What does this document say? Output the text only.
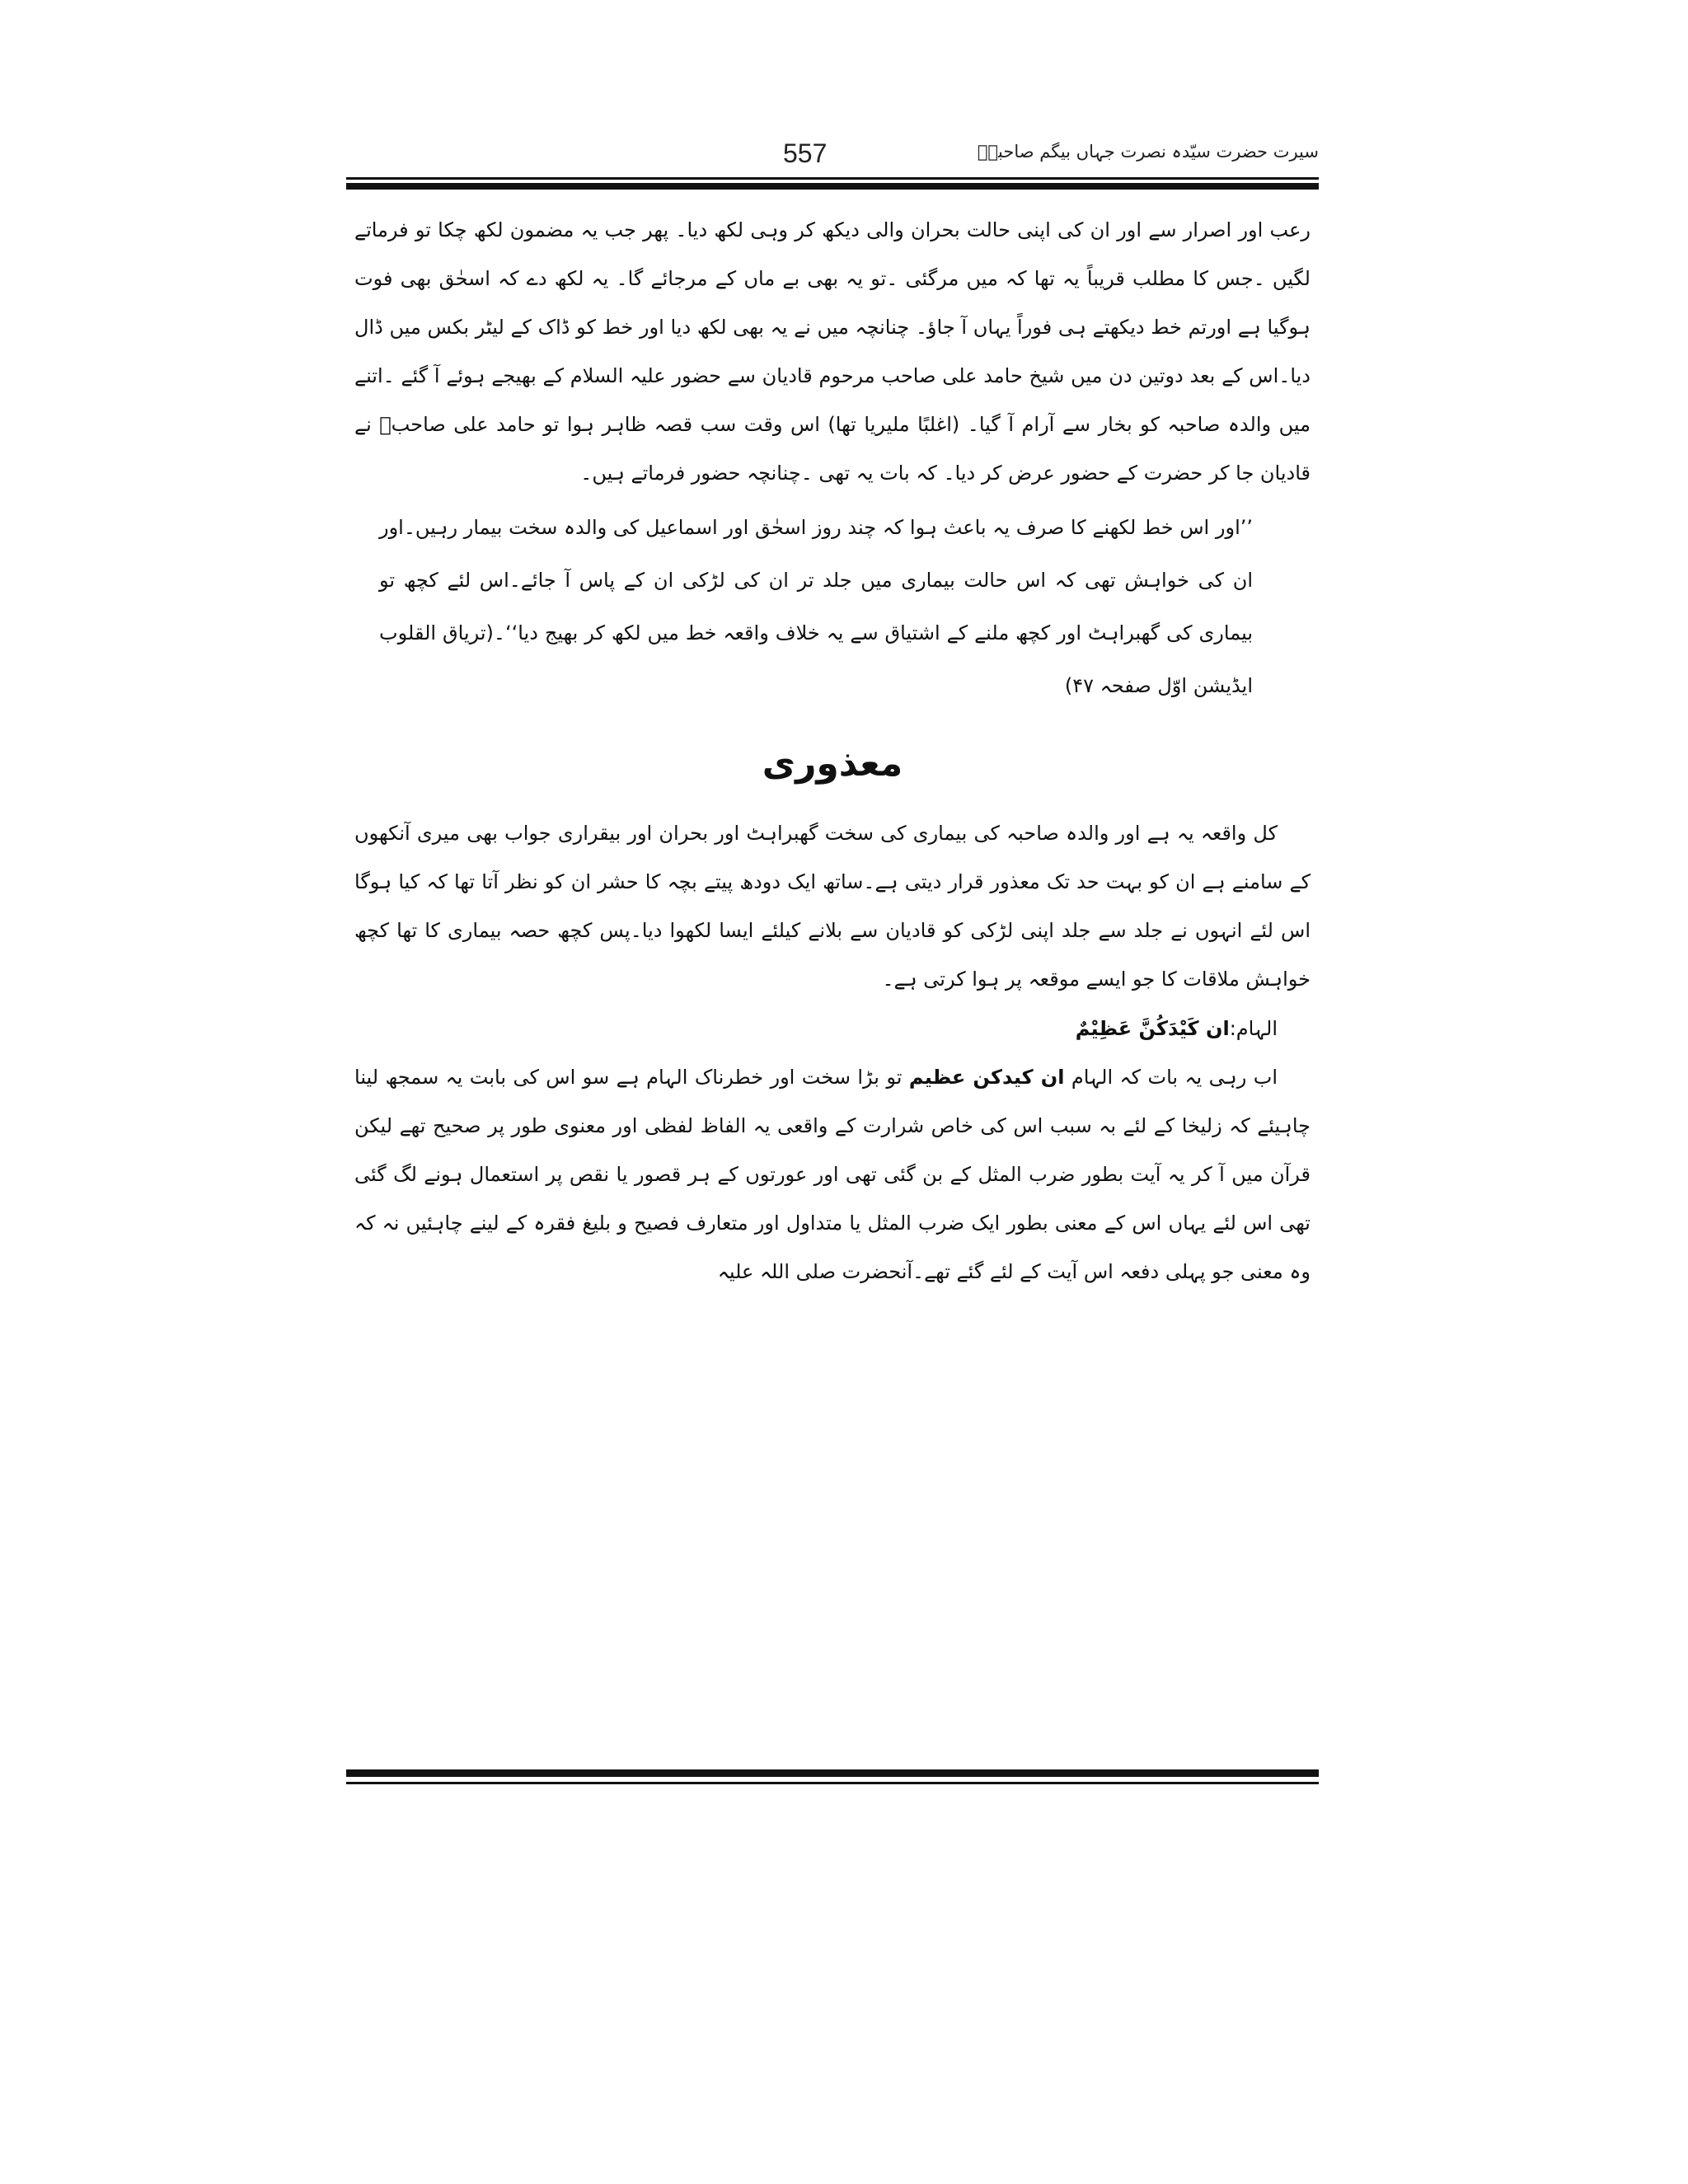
557	سیرت حضرت سیّدہ نصرت جہاں بیگم صاحبہؓ

رعب اور اصرار سے اور ان کی اپنی حالت بحران والی دیکھ کر وہی لکھ دیا۔ پھر جب یہ مضمون لکھ چکا تو فرماتے لگیں ۔جس کا مطلب قریباً یہ تھا کہ میں مرگئی ۔تو یہ بھی بے ماں کے مرجائے گا۔ یہ لکھ دے کہ اسحٰق بھی فوت ہوگیا ہے اورتم خط دیکھتے ہی فوراً یہاں آ جاؤ۔ چنانچہ میں نے یہ بھی لکھ دیا اور خط کو ڈاک کے لیٹر بکس میں ڈال دیا۔اس کے بعد دوتین دن میں شیخ حامد علی صاحب مرحوم قادیان سے حضور علیہ السلام کے بھیجے ہوئے آ گئے ۔اتنے میں والدہ صاحبہ کو بخار سے آرام آ گیا۔ (اغلبًا ملیریا تھا) اس وقت سب قصہ ظاہر ہوا تو حامد علی صاحبؓ نے قادیان جا کر حضرت کے حضور عرض کر دیا۔ کہ بات یہ تھی ۔چنانچہ حضور فرماتے ہیں۔

’’اور اس خط لکھنے کا صرف یہ باعث ہوا کہ چند روز اسحٰق اور اسماعیل کی والدہ سخت بیمار رہیں۔اور ان کی خواہش تھی کہ اس حالت بیماری میں جلد تر ان کی لڑکی ان کے پاس آ جائے۔اس لئے کچھ تو بیماری کی گھبراہٹ اور کچھ ملنے کے اشتیاق سے یہ خلاف واقعہ خط میں لکھ کر بھیج دیا‘‘۔(تریاق القلوب ایڈیشن اوّل صفحہ ۴۷)

معذوری

کل واقعہ یہ ہے اور والدہ صاحبہ کی بیماری کی سخت گھبراہٹ اور بحران اور بیقراری جواب بھی میری آنکھوں کے سامنے ہے ان کو بہت حد تک معذور قرار دیتی ہے۔ساتھ ایک دودھ پیتے بچہ کا حشر ان کو نظر آتا تھا کہ کیا ہوگا اس لئے انہوں نے جلد سے جلد اپنی لڑکی کو قادیان سے بلانے کیلئے ایسا لکھوا دیا۔پس کچھ حصہ بیماری کا تھا کچھ خواہش ملاقات کا جو ایسے موقعہ پر ہوا کرتی ہے۔

الہام:ان کَیْدَکُنَّ عَظِیْمٌ

اب رہی یہ بات کہ الہام ان کیدکن عظیم تو بڑا سخت اور خطرناک الہام ہے سو اس کی بابت یہ سمجھ لینا چاہیئے کہ زلیخا کے لئے بہ سبب اس کی خاص شرارت کے واقعی یہ الفاظ لفظی اور معنوی طور پر صحیح تھے لیکن قرآن میں آ کر یہ آیت بطور ضرب المثل کے بن گئی تھی اور عورتوں کے ہر قصور یا نقص پر استعمال ہونے لگ گئی تھی اس لئے یہاں اس کے معنی بطور ایک ضرب المثل یا متداول اور متعارف فصیح و بلیغ فقرہ کے لینے چاہئیں نہ کہ وہ معنی جو پہلی دفعہ اس آیت کے لئے گئے تھے۔آنحضرت صلی اللہ علیہ
